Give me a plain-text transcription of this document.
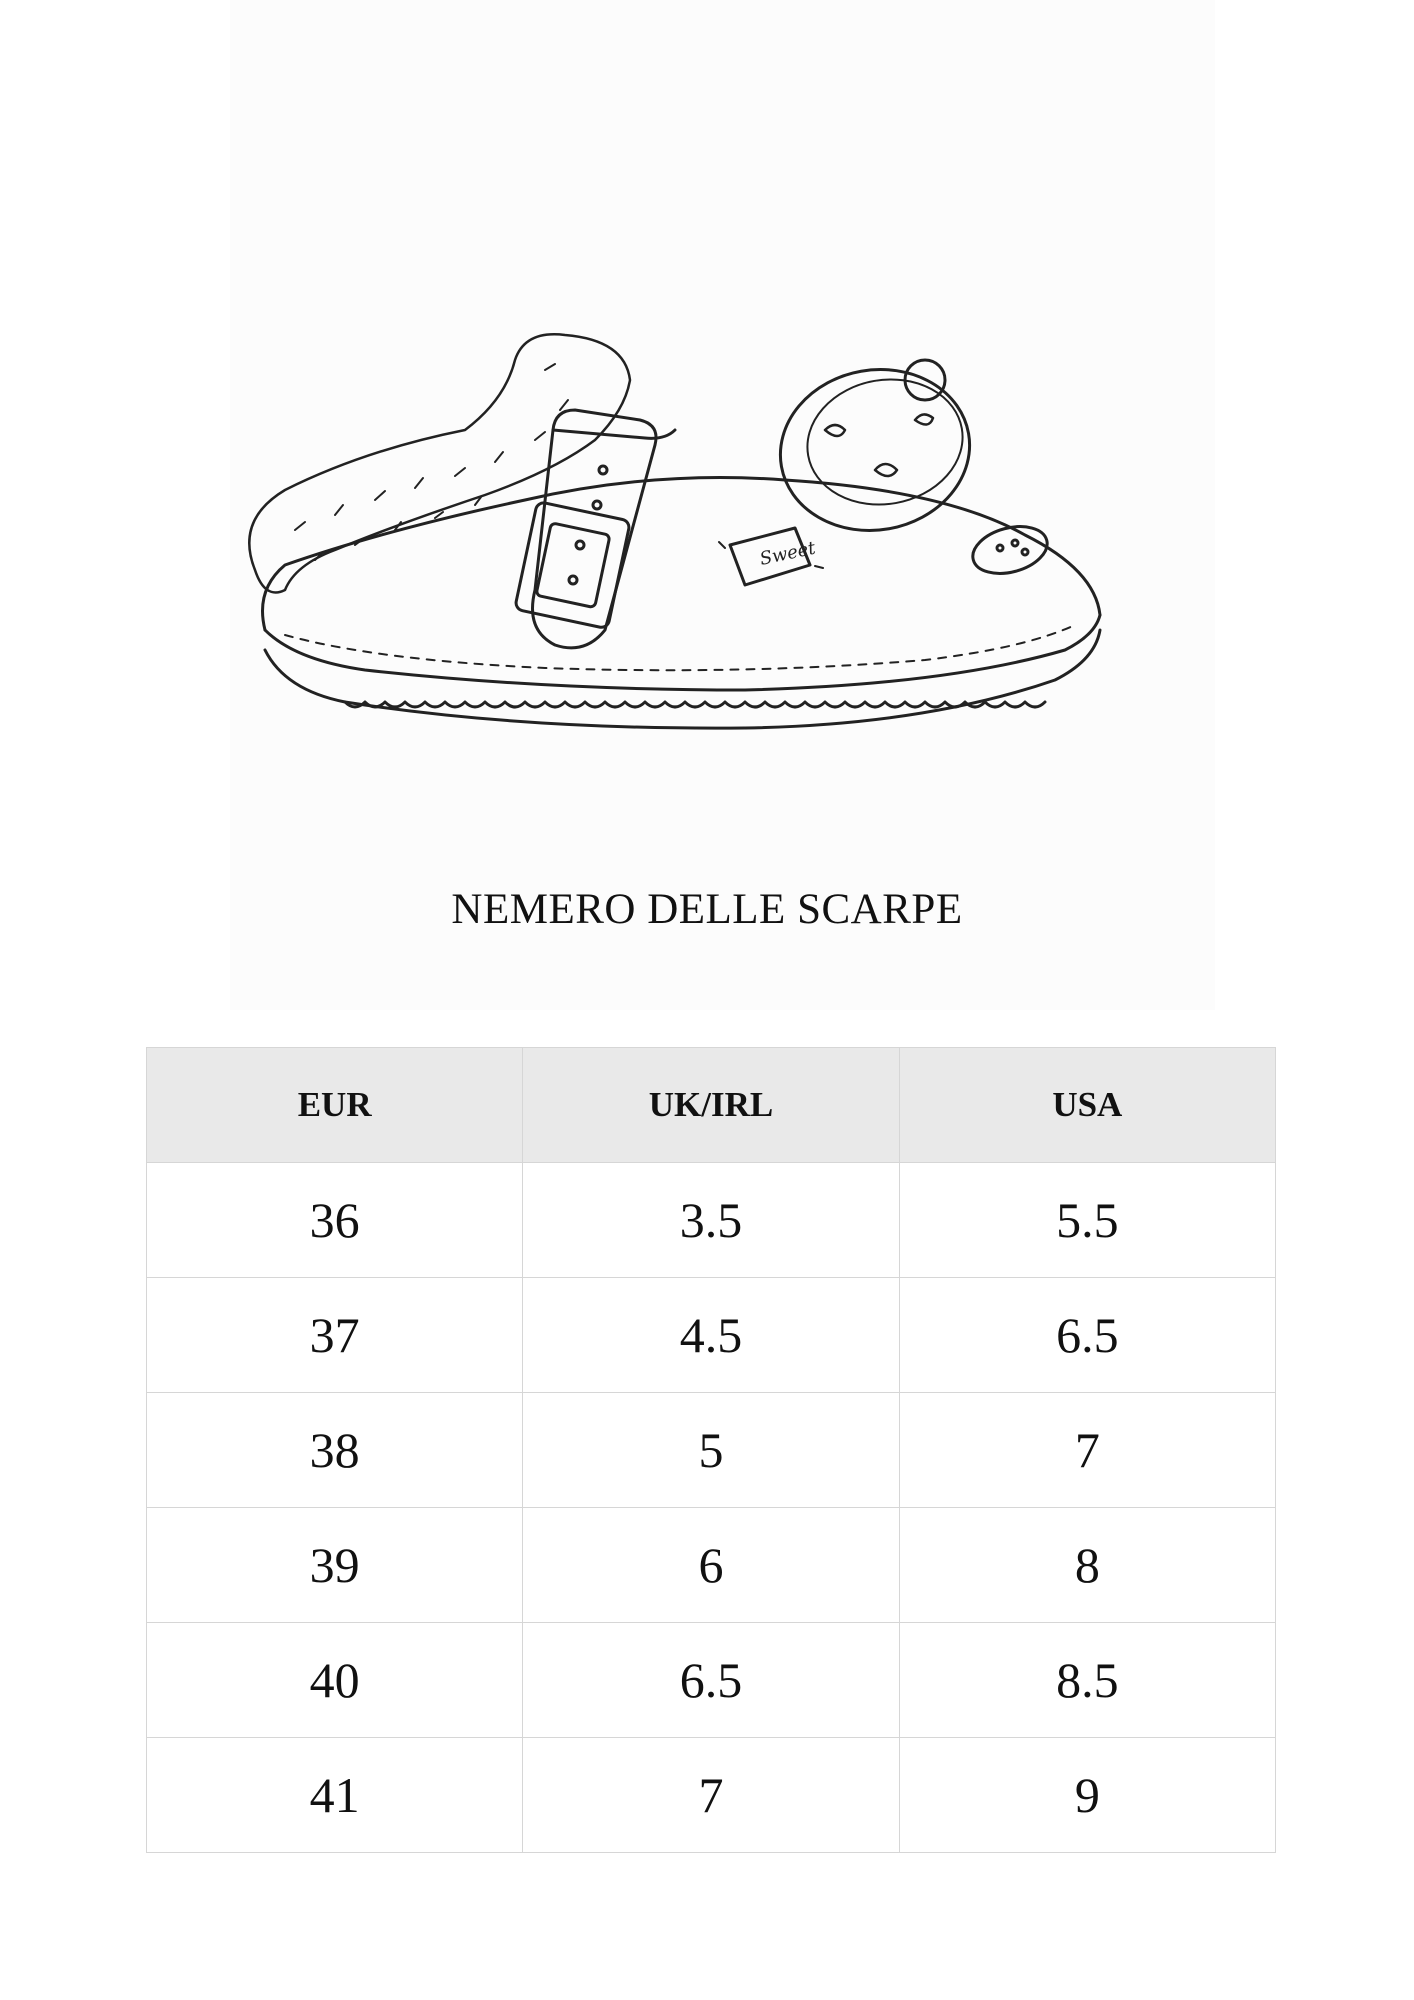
Sweet
NEMERO DELLE SCARPE
EUR	UK/IRL	USA
36	3.5	5.5
37	4.5	6.5
38	5	7
39	6	8
40	6.5	8.5
41	7	9
